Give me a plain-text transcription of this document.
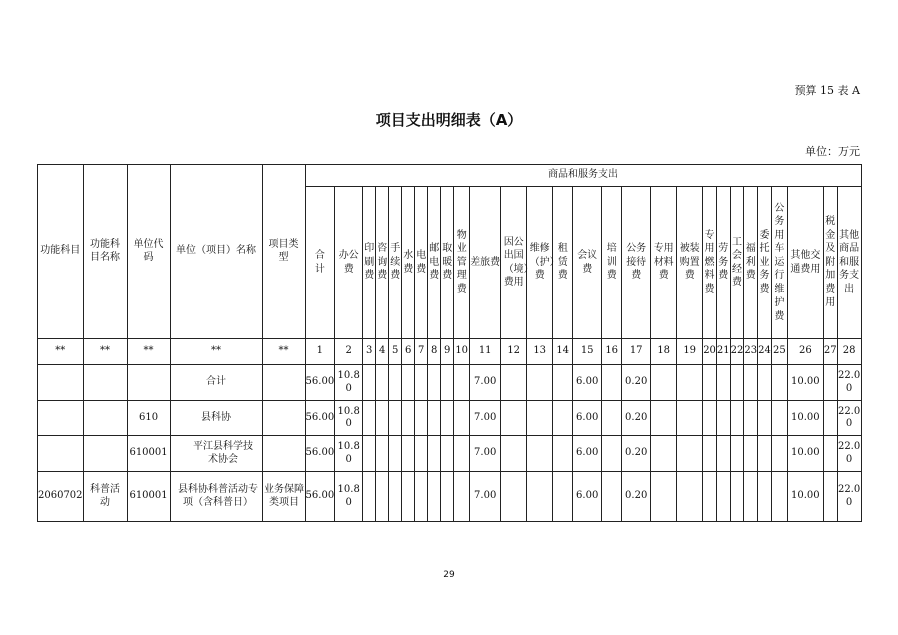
预算 15 表 A
项目支出明细表（A）
单位：万元
功能科目	功能科目名称	单位代码	单位（项目）名称	项目类型	商品和服务支出																											
					合计	办公费	印刷费	咨询费	手续费	水费	电费	邮电费	取暖费	物业管理费	差旅费	因公出国（境）费用	维修（护）费	租赁费	会议费	培训费	公务接待费	专用材料费	被装购置费	专用燃料费	劳务费	工会经费	福利费	委托业务费	公务用车运行维护费	其他交通费用	税金及附加费用	其他商品和服务支出
**	**	**	**	**	1	2	3	4	5	6	7	8	9	10	11	12	13	14	15	16	17	18	19	20	21	22	23	24	25	26	27	28
			合计		56.00	10.80									7.00				6.00		0.20									10.00		22.00
		610	县科协		56.00	10.80									7.00				6.00		0.20									10.00		22.00
		610001	平江县科学技术协会		56.00	10.80									7.00				6.00		0.20									10.00		22.00
2060702	科普活动	610001	县科协科普活动专项（含科普日）	业务保障类项目	56.00	10.80									7.00				6.00		0.20									10.00		22.00
29
